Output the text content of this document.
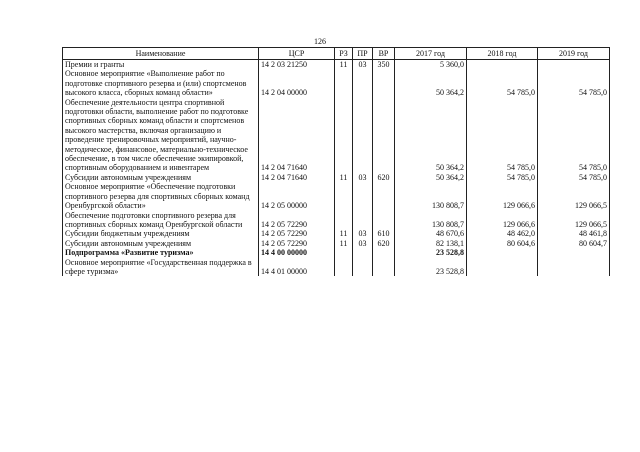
126
Наименование	ЦСР	РЗ	ПР	ВР	2017 год	2018 год	2019 год
Премии и гранты	14 2 03 21250	11	03	350	5 360,0		
Основное мероприятие «Выполнение работ по подготовке спортивного резерва и (или) спортсменов высокого класса, сборных команд области»	14 2 04 00000				50 364,2	54 785,0	54 785,0
Обеспечение деятельности центра спортивной подготовки области, выполнение работ по подготовке спортивных сборных команд области и спортсменов высокого мастерства, включая организацию и проведение тренировочных мероприятий, научно-методическое, финансовое, материально-техническое обеспечение, в том числе обеспечение экипировкой, спортивным оборудованием и инвентарем	14 2 04 71640				50 364,2	54 785,0	54 785,0
Субсидии автономным учреждениям	14 2 04 71640	11	03	620	50 364,2	54 785,0	54 785,0
Основное мероприятие «Обеспечение подготовки спортивного резерва для спортивных сборных команд Оренбургской области»	14 2 05 00000				130 808,7	129 066,6	129 066,5
Обеспечение подготовки спортивного резерва для спортивных сборных команд Оренбургской области	14 2 05 72290				130 808,7	129 066,6	129 066,5
Субсидии бюджетным учреждениям	14 2 05 72290	11	03	610	48 670,6	48 462,0	48 461,8
Субсидии автономным учреждениям	14 2 05 72290	11	03	620	82 138,1	80 604,6	80 604,7
Подпрограмма «Развитие туризма»	14 4 00 00000				23 528,8		
Основное мероприятие «Государственная поддержка в сфере туризма»	14 4 01 00000				23 528,8		
